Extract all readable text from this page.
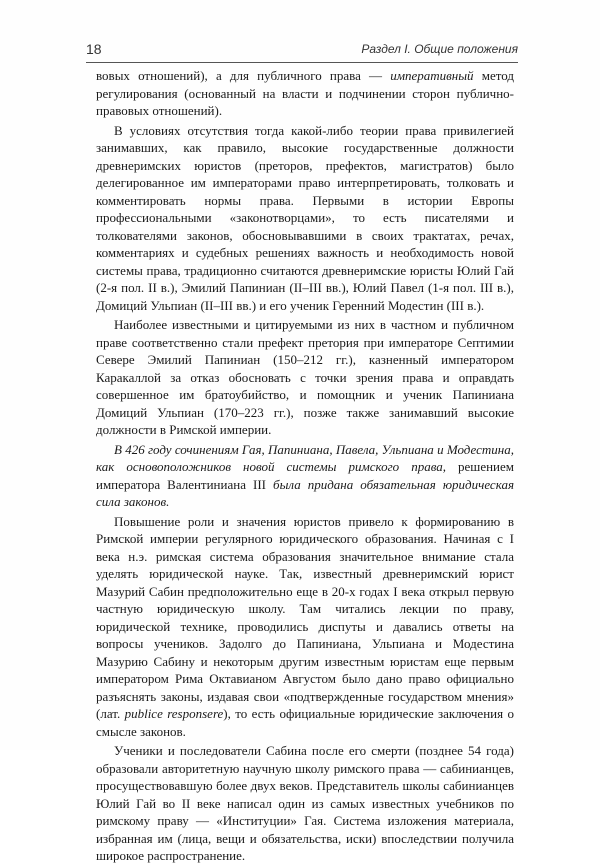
18	Раздел I. Общие положения

вовых отношений), а для публичного права — императивный метод регулирования (основанный на власти и подчинении сторон публично-правовых отношений).

В условиях отсутствия тогда какой-либо теории права привилегией занимавших, как правило, высокие государственные должности древнеримских юристов (преторов, префектов, магистратов) было делегированное им императорами право интерпретировать, толковать и комментировать нормы права. Первыми в истории Европы профессиональными «законотворцами», то есть писателями и толкователями законов, обосновывавшими в своих трактатах, речах, комментариях и судебных решениях важность и необходимость новой системы права, традиционно считаются древнеримские юристы Юлий Гай (2-я пол. II в.), Эмилий Папиниан (II–III вв.), Юлий Павел (1-я пол. III в.), Домиций Ульпиан (II–III вв.) и его ученик Геренний Модестин (III в.).

Наиболее известными и цитируемыми из них в частном и публичном праве соответственно стали префект претория при императоре Септимии Севере Эмилий Папиниан (150–212 гг.), казненный императором Каракаллой за отказ обосновать с точки зрения права и оправдать совершенное им братоубийство, и помощник и ученик Папиниана Домиций Ульпиан (170–223 гг.), позже также занимавший высокие должности в Римской империи.

В 426 году сочинениям Гая, Папиниана, Павела, Ульпиана и Модестина, как основоположников новой системы римского права, решением императора Валентиниана III была придана обязательная юридическая сила законов.

Повышение роли и значения юристов привело к формированию в Римской империи регулярного юридического образования. Начиная с I века н.э. римская система образования значительное внимание стала уделять юридической науке. Так, известный древнеримский юрист Мазурий Сабин предположительно еще в 20-х годах I века открыл первую частную юридическую школу. Там читались лекции по праву, юридической технике, проводились диспуты и давались ответы на вопросы учеников. Задолго до Папиниана, Ульпиана и Модестина Мазурию Сабину и некоторым другим известным юристам еще первым императором Рима Октавианом Августом было дано право официально разъяснять законы, издавая свои «подтвержденные государством мнения» (лат. publice responsere), то есть официальные юридические заключения о смысле законов.

Ученики и последователи Сабина после его смерти (позднее 54 года) образовали авторитетную научную школу римского права — сабинианцев, просуществовавшую более двух веков. Представитель школы сабинианцев Юлий Гай во II веке написал один из самых известных учебников по римскому праву — «Институции» Гая. Система изложения материала, избранная им (лица, вещи и обязательства, иски) впоследствии получила широкое распространение.
